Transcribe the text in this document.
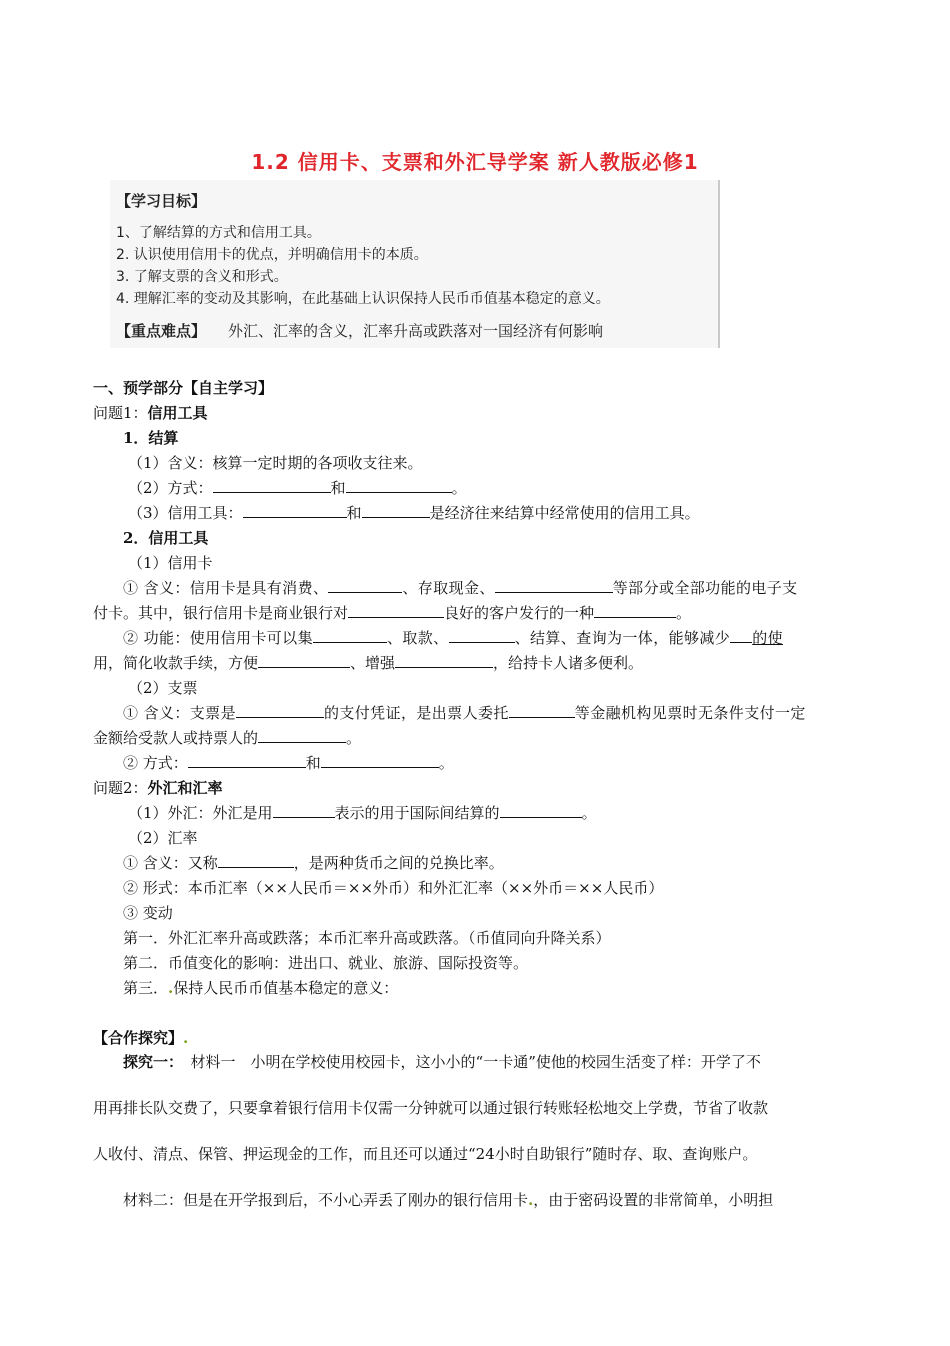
1.2 信用卡、支票和外汇导学案 新人教版必修1
【学习目标】
1、了解结算的方式和信用工具。
2. 认识使用信用卡的优点，并明确信用卡的本质。
3. 了解支票的含义和形式。
4. 理解汇率的变动及其影响，在此基础上认识保持人民币币值基本稳定的意义。
【重点难点】 外汇、汇率的含义，汇率升高或跌落对一国经济有何影响
一、预学部分【自主学习】
问题1：信用工具
1．结算
（1）含义：核算一定时期的各项收支往来。
（2）方式：	和	。
（3）信用工具：	和	是经济往来结算中经常使用的信用工具。
2．信用工具
（1）信用卡
① 含义：信用卡是具有消费、	、存取现金、	等部分或全部功能的电子支
付卡。其中，银行信用卡是商业银行对	良好的客户发行的一种	。
② 功能：使用信用卡可以集	、取款、	、结算、查询为一体，能够减少 的使
用，简化收款手续，方便	、增强	，给持卡人诸多便利。
（2）支票
① 含义：支票是	的支付凭证，是出票人委托	等金融机构见票时无条件支付一定
金额给受款人或持票人的	。
② 方式：	和	。
问题2：外汇和汇率
（1）外汇：外汇是用	表示的用于国际间结算的	。
（2）汇率
① 含义：又称	，是两种货币之间的兑换比率。
② 形式：本币汇率（××人民币＝××外币）和外汇汇率（××外币＝××人民币）
③ 变动
第一．外汇汇率升高或跌落；本币汇率升高或跌落。（币值同向升降关系）
第二．币值变化的影响：进出口、就业、旅游、国际投资等。
第三．.保持人民币币值基本稳定的意义：
【合作探究】.
探究一：　 材料一　小明在学校使用校园卡，这小小的“一卡通”使他的校园生活变了样：开学了不
用再排长队交费了，只要拿着银行信用卡仅需一分钟就可以通过银行转账轻松地交上学费，节省了收款
人收付、清点、保管、押运现金的工作，而且还可以通过“24小时自助银行”随时存、取、查询账户。
材料二：但是在开学报到后，不小心弄丢了刚办的银行信用卡.，由于密码设置的非常简单，小明担
